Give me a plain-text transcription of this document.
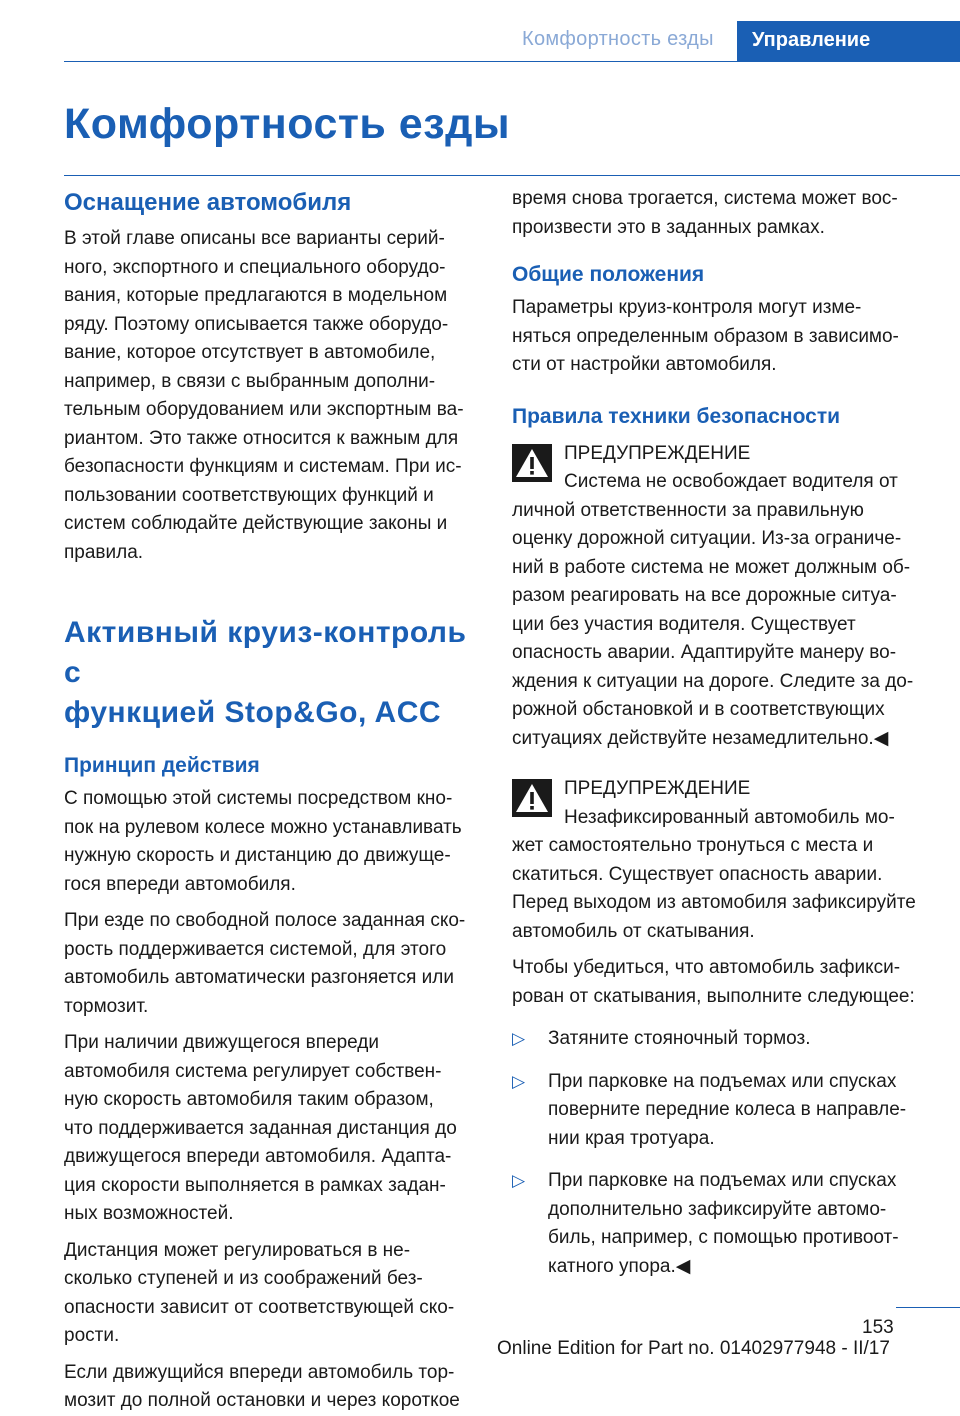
Комфортность езды	Управление
Комфортность езды
Оснащение автомобиля

В этой главе описаны все варианты серий-

ного, экспортного и специального оборудо-

вания, которые предлагаются в модельном

ряду. Поэтому описывается также оборудо-

вание, которое отсутствует в автомобиле,

например, в связи с выбранным дополни-

тельным оборудованием или экспортным ва-

риантом. Это также относится к важным для

безопасности функциям и системам. При ис-

пользовании соответствующих функций и

систем соблюдайте действующие законы и

правила.

Активный круиз-контроль с
функцией Stop&Go, ACC
Принцип действия

С помощью этой системы посредством кно-

пок на рулевом колесе можно устанавливать

нужную скорость и дистанцию до движуще-

гося впереди автомобиля.

При езде по свободной полосе заданная ско-

рость поддерживается системой, для этого

автомобиль автоматически разгоняется или

тормозит.

При наличии движущегося впереди

автомобиля система регулирует собствен-

ную скорость автомобиля таким образом,

что поддерживается заданная дистанция до

движущегося впереди автомобиля. Адапта-

ция скорости выполняется в рамках задан-

ных возможностей.

Дистанция может регулироваться в не-

сколько ступеней и из соображений без-

опасности зависит от соответствующей ско-

рости.

Если движущийся впереди автомобиль тор-

мозит до полной остановки и через короткое

время снова трогается, система может вос-

произвести это в заданных рамках.

Общие положения

Параметры круиз-контроля могут изме-

няться определенным образом в зависимо-

сти от настройки автомобиля.

Правила техники безопасности
ПРЕДУПРЕЖДЕНИЕ

Система не освобождает водителя от

личной ответственности за правильную

оценку дорожной ситуации. Из-за ограниче-

ний в работе система не может должным об-

разом реагировать на все дорожные ситуа-

ции без участия водителя. Существует

опасность аварии. Адаптируйте манеру во-

ждения к ситуации на дороге. Следите за до-

рожной обстановкой и в соответствующих

ситуациях действуйте незамедлительно.◀

ПРЕДУПРЕЖДЕНИЕ

Незафиксированный автомобиль мо-

жет самостоятельно тронуться с места и

скатиться. Существует опасность аварии.

Перед выходом из автомобиля зафиксируйте

автомобиль от скатывания.

Чтобы убедиться, что автомобиль зафикси-

рован от скатывания, выполните следующее:

▷ Затяните стояночный тормоз.
▷ При парковке на подъемах или спусках
поверните передние колеса в направле-
нии края тротуара.
▷ При парковке на подъемах или спусках
дополнительно зафиксируйте автомо-
биль, например, с помощью противоот-
катного упора.◀
153
Online Edition for Part no. 01402977948 - II/17
